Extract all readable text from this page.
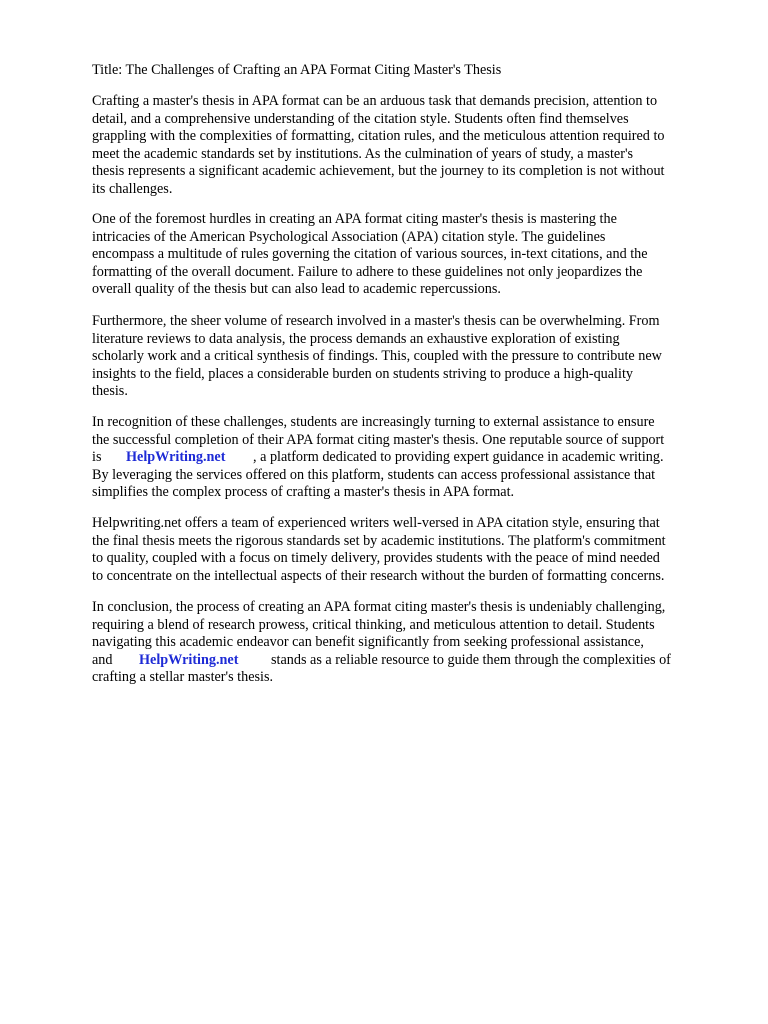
Title: The Challenges of Crafting an APA Format Citing Master's Thesis
Crafting a master's thesis in APA format can be an arduous task that demands precision, attention to
detail, and a comprehensive understanding of the citation style. Students often find themselves
grappling with the complexities of formatting, citation rules, and the meticulous attention required to
meet the academic standards set by institutions. As the culmination of years of study, a master's
thesis represents a significant academic achievement, but the journey to its completion is not without
its challenges.
One of the foremost hurdles in creating an APA format citing master's thesis is mastering the
intricacies of the American Psychological Association (APA) citation style. The guidelines
encompass a multitude of rules governing the citation of various sources, in-text citations, and the
formatting of the overall document. Failure to adhere to these guidelines not only jeopardizes the
overall quality of the thesis but can also lead to academic repercussions.
Furthermore, the sheer volume of research involved in a master's thesis can be overwhelming. From
literature reviews to data analysis, the process demands an exhaustive exploration of existing
scholarly work and a critical synthesis of findings. This, coupled with the pressure to contribute new
insights to the field, places a considerable burden on students striving to produce a high-quality
thesis.
In recognition of these challenges, students are increasingly turning to external assistance to ensure
the successful completion of their APA format citing master's thesis. One reputable source of support
is HelpWriting.net , a platform dedicated to providing expert guidance in academic writing.
By leveraging the services offered on this platform, students can access professional assistance that
simplifies the complex process of crafting a master's thesis in APA format.
Helpwriting.net offers a team of experienced writers well-versed in APA citation style, ensuring that
the final thesis meets the rigorous standards set by academic institutions. The platform's commitment
to quality, coupled with a focus on timely delivery, provides students with the peace of mind needed
to concentrate on the intellectual aspects of their research without the burden of formatting concerns.
In conclusion, the process of creating an APA format citing master's thesis is undeniably challenging,
requiring a blend of research prowess, critical thinking, and meticulous attention to detail. Students
navigating this academic endeavor can benefit significantly from seeking professional assistance,
and HelpWriting.net stands as a reliable resource to guide them through the complexities of
crafting a stellar master's thesis.
